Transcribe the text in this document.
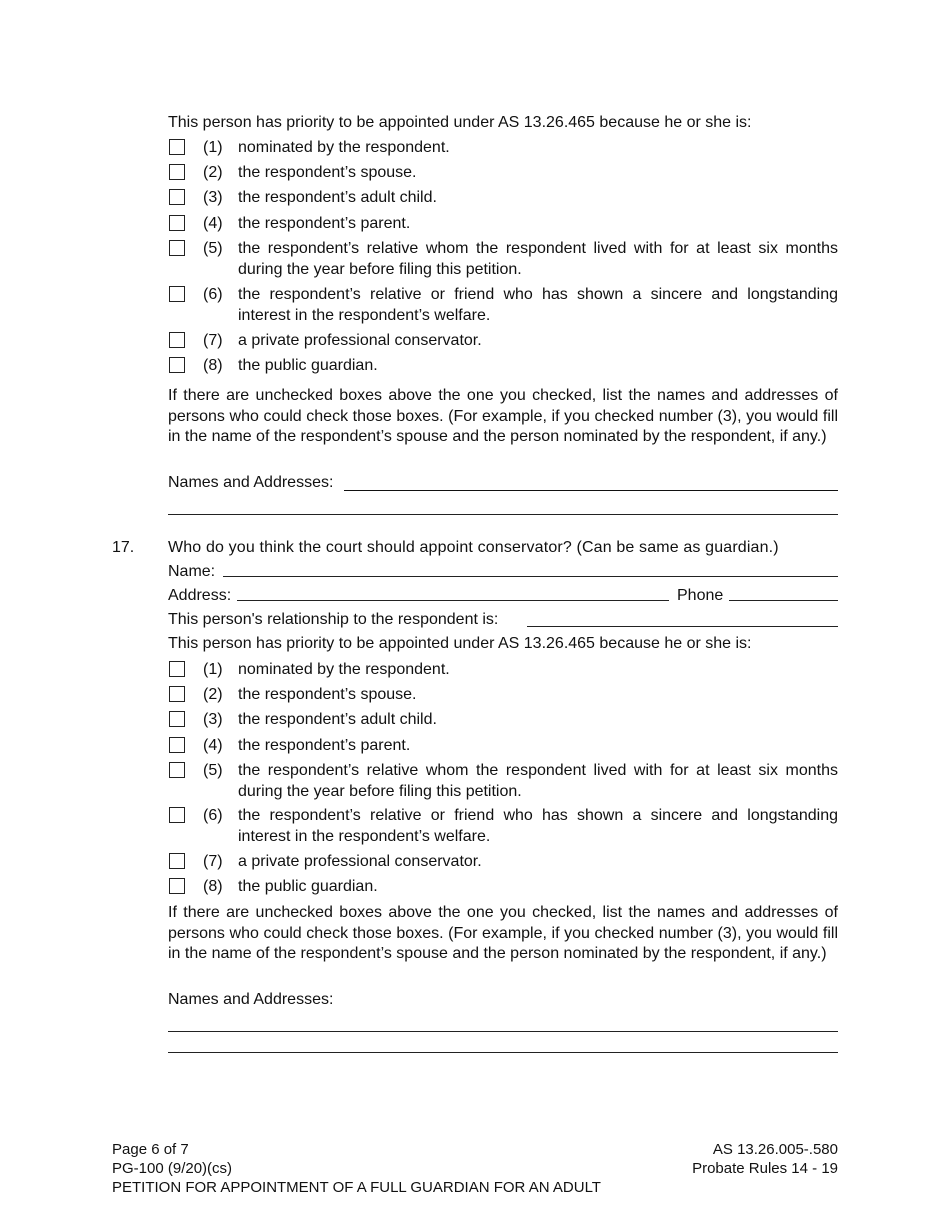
This person has priority to be appointed under AS 13.26.465 because he or she is:
(1) nominated by the respondent.
(2) the respondent’s spouse.
(3) the respondent’s adult child.
(4) the respondent’s parent.
(5) the respondent’s relative whom the respondent lived with for at least six months during the year before filing this petition.
(6) the respondent’s relative or friend who has shown a sincere and longstanding interest in the respondent’s welfare.
(7) a private professional conservator.
(8) the public guardian.
If there are unchecked boxes above the one you checked, list the names and addresses of persons who could check those boxes. (For example, if you checked number (3), you would fill in the name of the respondent’s spouse and the person nominated by the respondent, if any.)
Names and Addresses:
17. Who do you think the court should appoint conservator? (Can be same as guardian.)
Name:
Address:	Phone
This person's relationship to the respondent is:
This person has priority to be appointed under AS 13.26.465 because he or she is:
(1) nominated by the respondent.
(2) the respondent’s spouse.
(3) the respondent’s adult child.
(4) the respondent’s parent.
(5) the respondent’s relative whom the respondent lived with for at least six months during the year before filing this petition.
(6) the respondent’s relative or friend who has shown a sincere and longstanding interest in the respondent’s welfare.
(7) a private professional conservator.
(8) the public guardian.
If there are unchecked boxes above the one you checked, list the names and addresses of persons who could check those boxes. (For example, if you checked number (3), you would fill in the name of the respondent’s spouse and the person nominated by the respondent, if any.)
Names and Addresses:
Page 6 of 7
PG-100 (9/20)(cs)
PETITION FOR APPOINTMENT OF A FULL GUARDIAN FOR AN ADULT
AS 13.26.005-.580
Probate Rules 14 - 19
